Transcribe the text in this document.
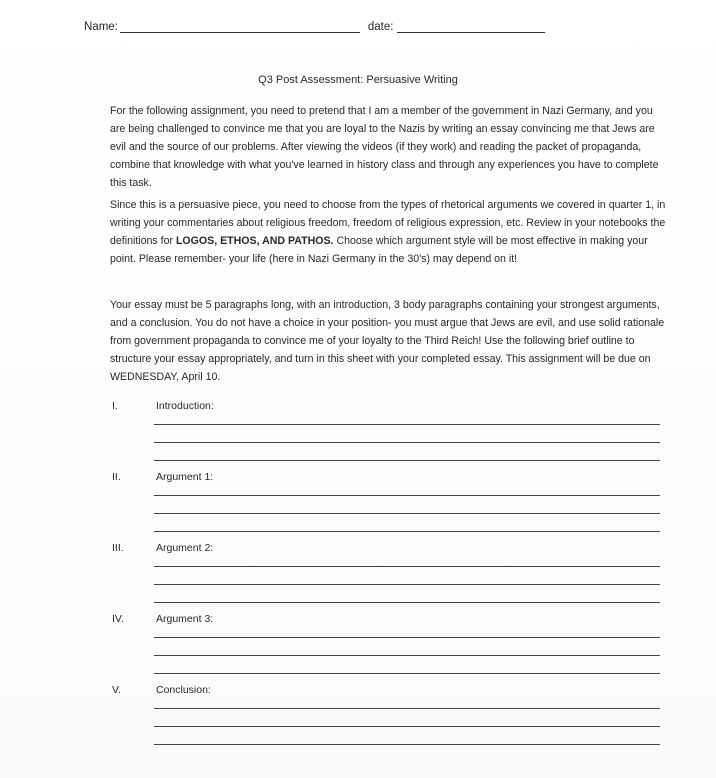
Name:	date:
Q3 Post Assessment: Persuasive Writing
For the following assignment, you need to pretend that I am a member of the government in Nazi Germany, and you are being challenged to convince me that you are loyal to the Nazis by writing an essay convincing me that Jews are evil and the source of our problems. After viewing the videos (if they work) and reading the packet of propaganda, combine that knowledge with what you've learned in history class and through any experiences you have to complete this task.
Since this is a persuasive piece, you need to choose from the types of rhetorical arguments we covered in quarter 1, in writing your commentaries about religious freedom, freedom of religious expression, etc. Review in your notebooks the definitions for LOGOS, ETHOS, AND PATHOS. Choose which argument style will be most effective in making your point. Please remember- your life (here in Nazi Germany in the 30's) may depend on it!
Your essay must be 5 paragraphs long, with an introduction, 3 body paragraphs containing your strongest arguments, and a conclusion. You do not have a choice in your position- you must argue that Jews are evil, and use solid rationale from government propaganda to convince me of your loyalty to the Third Reich! Use the following brief outline to structure your essay appropriately, and turn in this sheet with your completed essay. This assignment will be due on WEDNESDAY, April 10.
I.	Introduction:
II.	Argument 1:
III.	Argument 2:
IV.	Argument 3:
V.	Conclusion:
